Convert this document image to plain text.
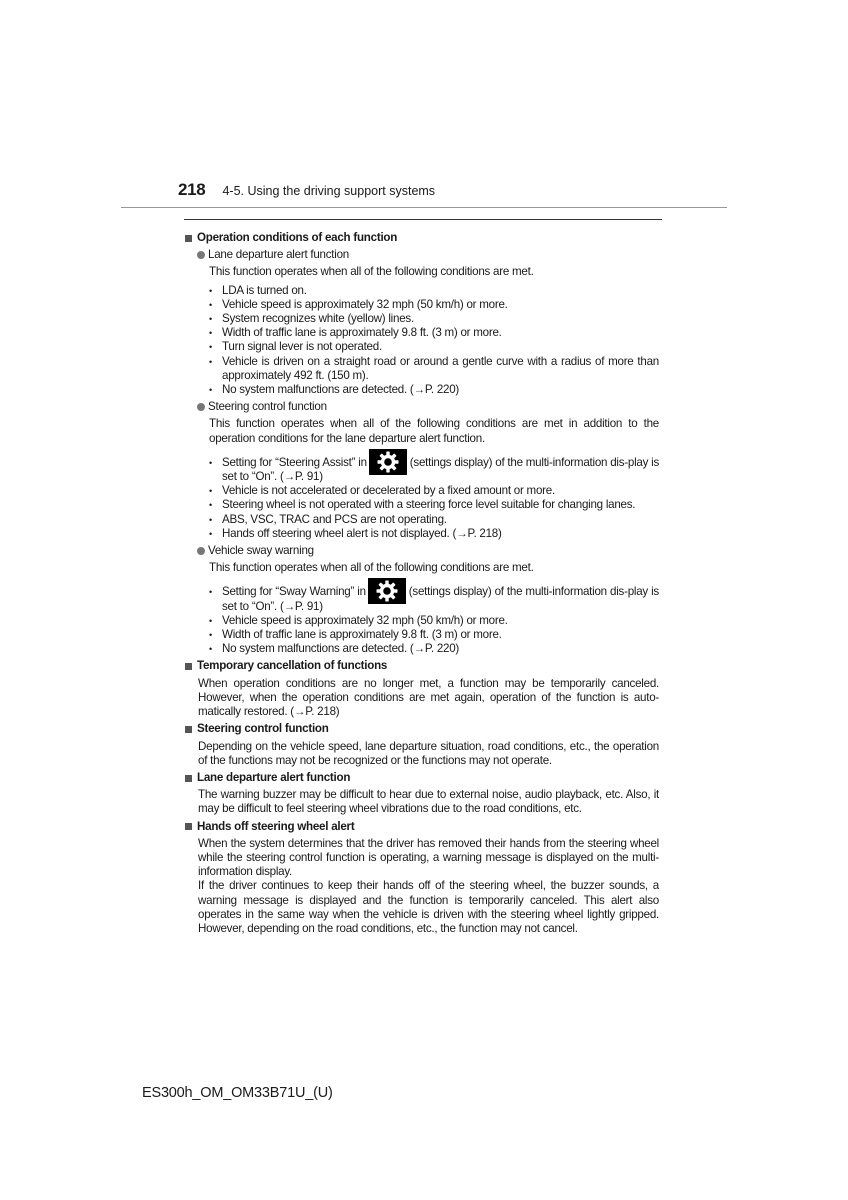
218 4-5. Using the driving support systems
Operation conditions of each function
Lane departure alert function
This function operates when all of the following conditions are met.
• LDA is turned on.
• Vehicle speed is approximately 32 mph (50 km/h) or more.
• System recognizes white (yellow) lines.
• Width of traffic lane is approximately 9.8 ft. (3 m) or more.
• Turn signal lever is not operated.
• Vehicle is driven on a straight road or around a gentle curve with a radius of more than approximately 492 ft. (150 m).
• No system malfunctions are detected. (→P. 220)
Steering control function
This function operates when all of the following conditions are met in addition to the operation conditions for the lane departure alert function.
• Setting for “Steering Assist” in	(settings display) of the multi-information dis-play is set to “On”. (→P. 91)
• Vehicle is not accelerated or decelerated by a fixed amount or more.
• Steering wheel is not operated with a steering force level suitable for changing lanes.
• ABS, VSC, TRAC and PCS are not operating.
• Hands off steering wheel alert is not displayed. (→P. 218)
Vehicle sway warning
This function operates when all of the following conditions are met.
• Setting for “Sway Warning” in	(settings display) of the multi-information dis-play is set to “On”. (→P. 91)
• Vehicle speed is approximately 32 mph (50 km/h) or more.
• Width of traffic lane is approximately 9.8 ft. (3 m) or more.
• No system malfunctions are detected. (→P. 220)
Temporary cancellation of functions
When operation conditions are no longer met, a function may be temporarily canceled. However, when the operation conditions are met again, operation of the function is auto-matically restored. (→P. 218)
Steering control function
Depending on the vehicle speed, lane departure situation, road conditions, etc., the operation of the functions may not be recognized or the functions may not operate.
Lane departure alert function
The warning buzzer may be difficult to hear due to external noise, audio playback, etc. Also, it may be difficult to feel steering wheel vibrations due to the road conditions, etc.
Hands off steering wheel alert
When the system determines that the driver has removed their hands from the steering wheel while the steering control function is operating, a warning message is displayed on the multi-information display.
If the driver continues to keep their hands off of the steering wheel, the buzzer sounds, a warning message is displayed and the function is temporarily canceled. This alert also operates in the same way when the vehicle is driven with the steering wheel lightly gripped. However, depending on the road conditions, etc., the function may not cancel.
ES300h_OM_OM33B71U_(U)
